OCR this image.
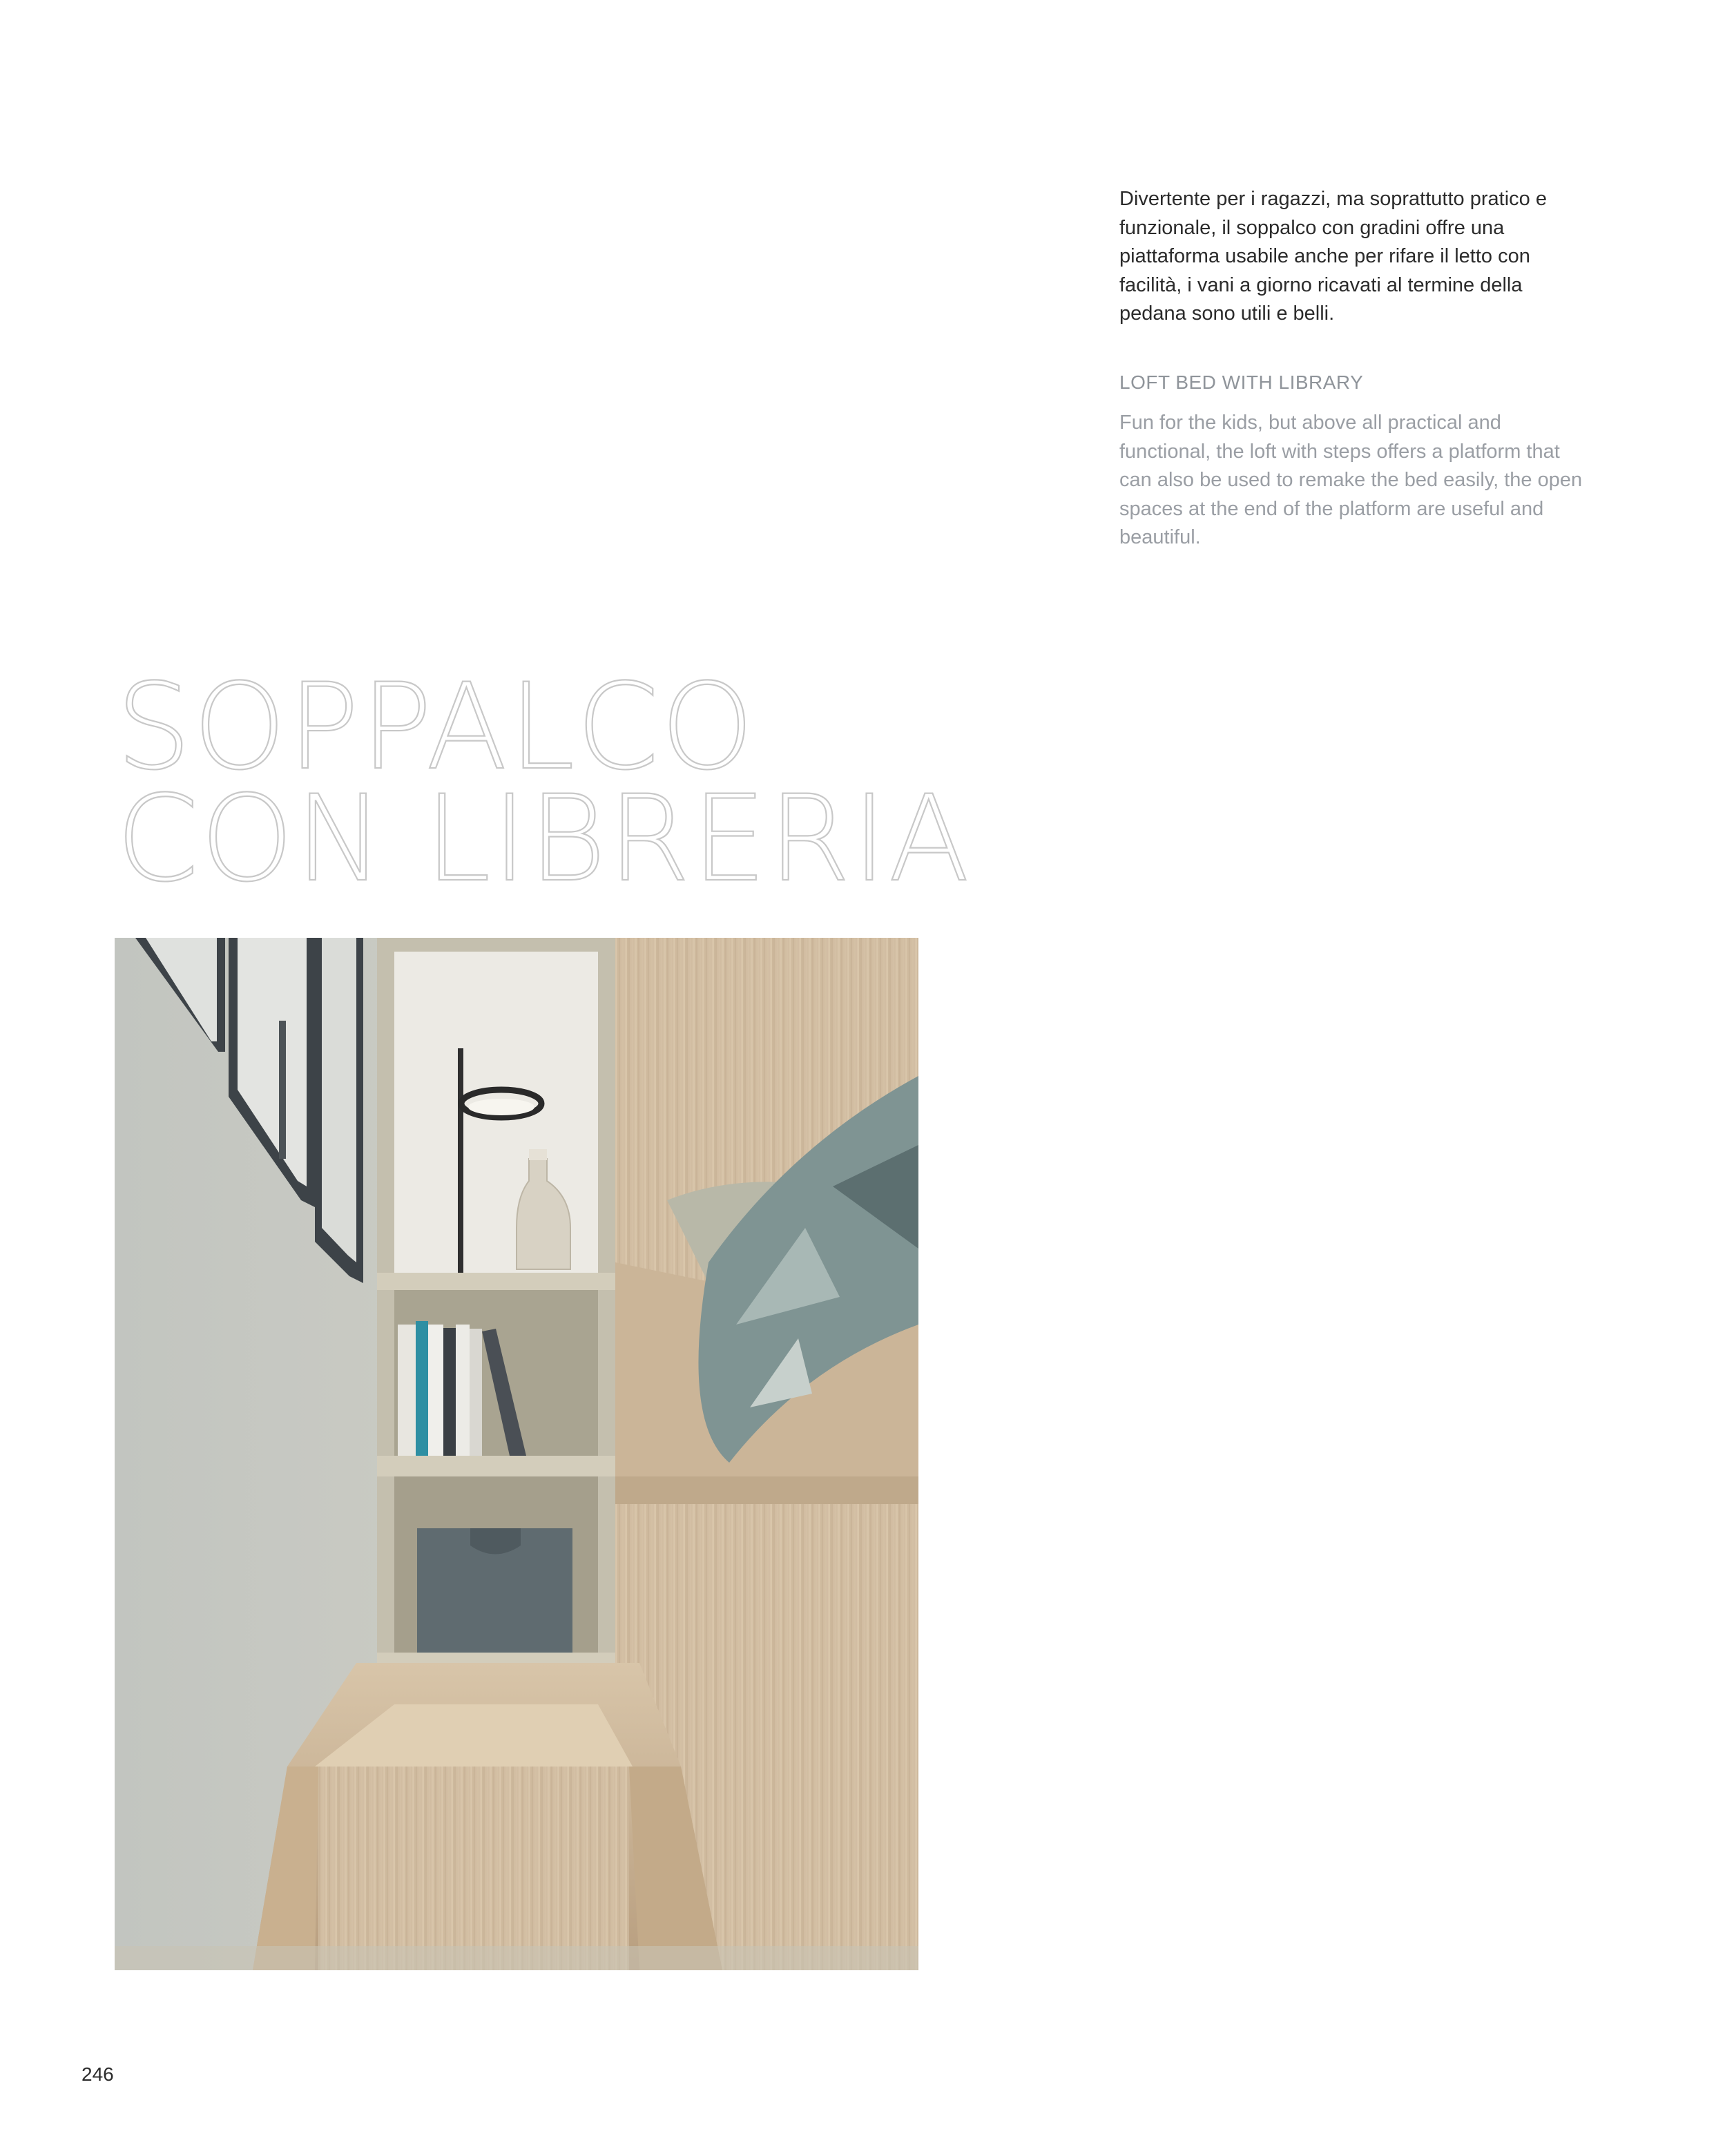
Divertente per i ragazzi, ma soprattutto pratico e funzionale, il soppalco con gradini offre una piattaforma usabile anche per rifare il letto con facilità, i vani a giorno ricavati al termine della pedana sono utili e belli.

LOFT BED WITH LIBRARY

Fun for the kids, but above all practical and functional, the loft with steps offers a platform that can also be used to remake the bed easily, the open spaces at the end of the platform are useful and beautiful.

SOPPALCO
CON LIBRERIA

246
